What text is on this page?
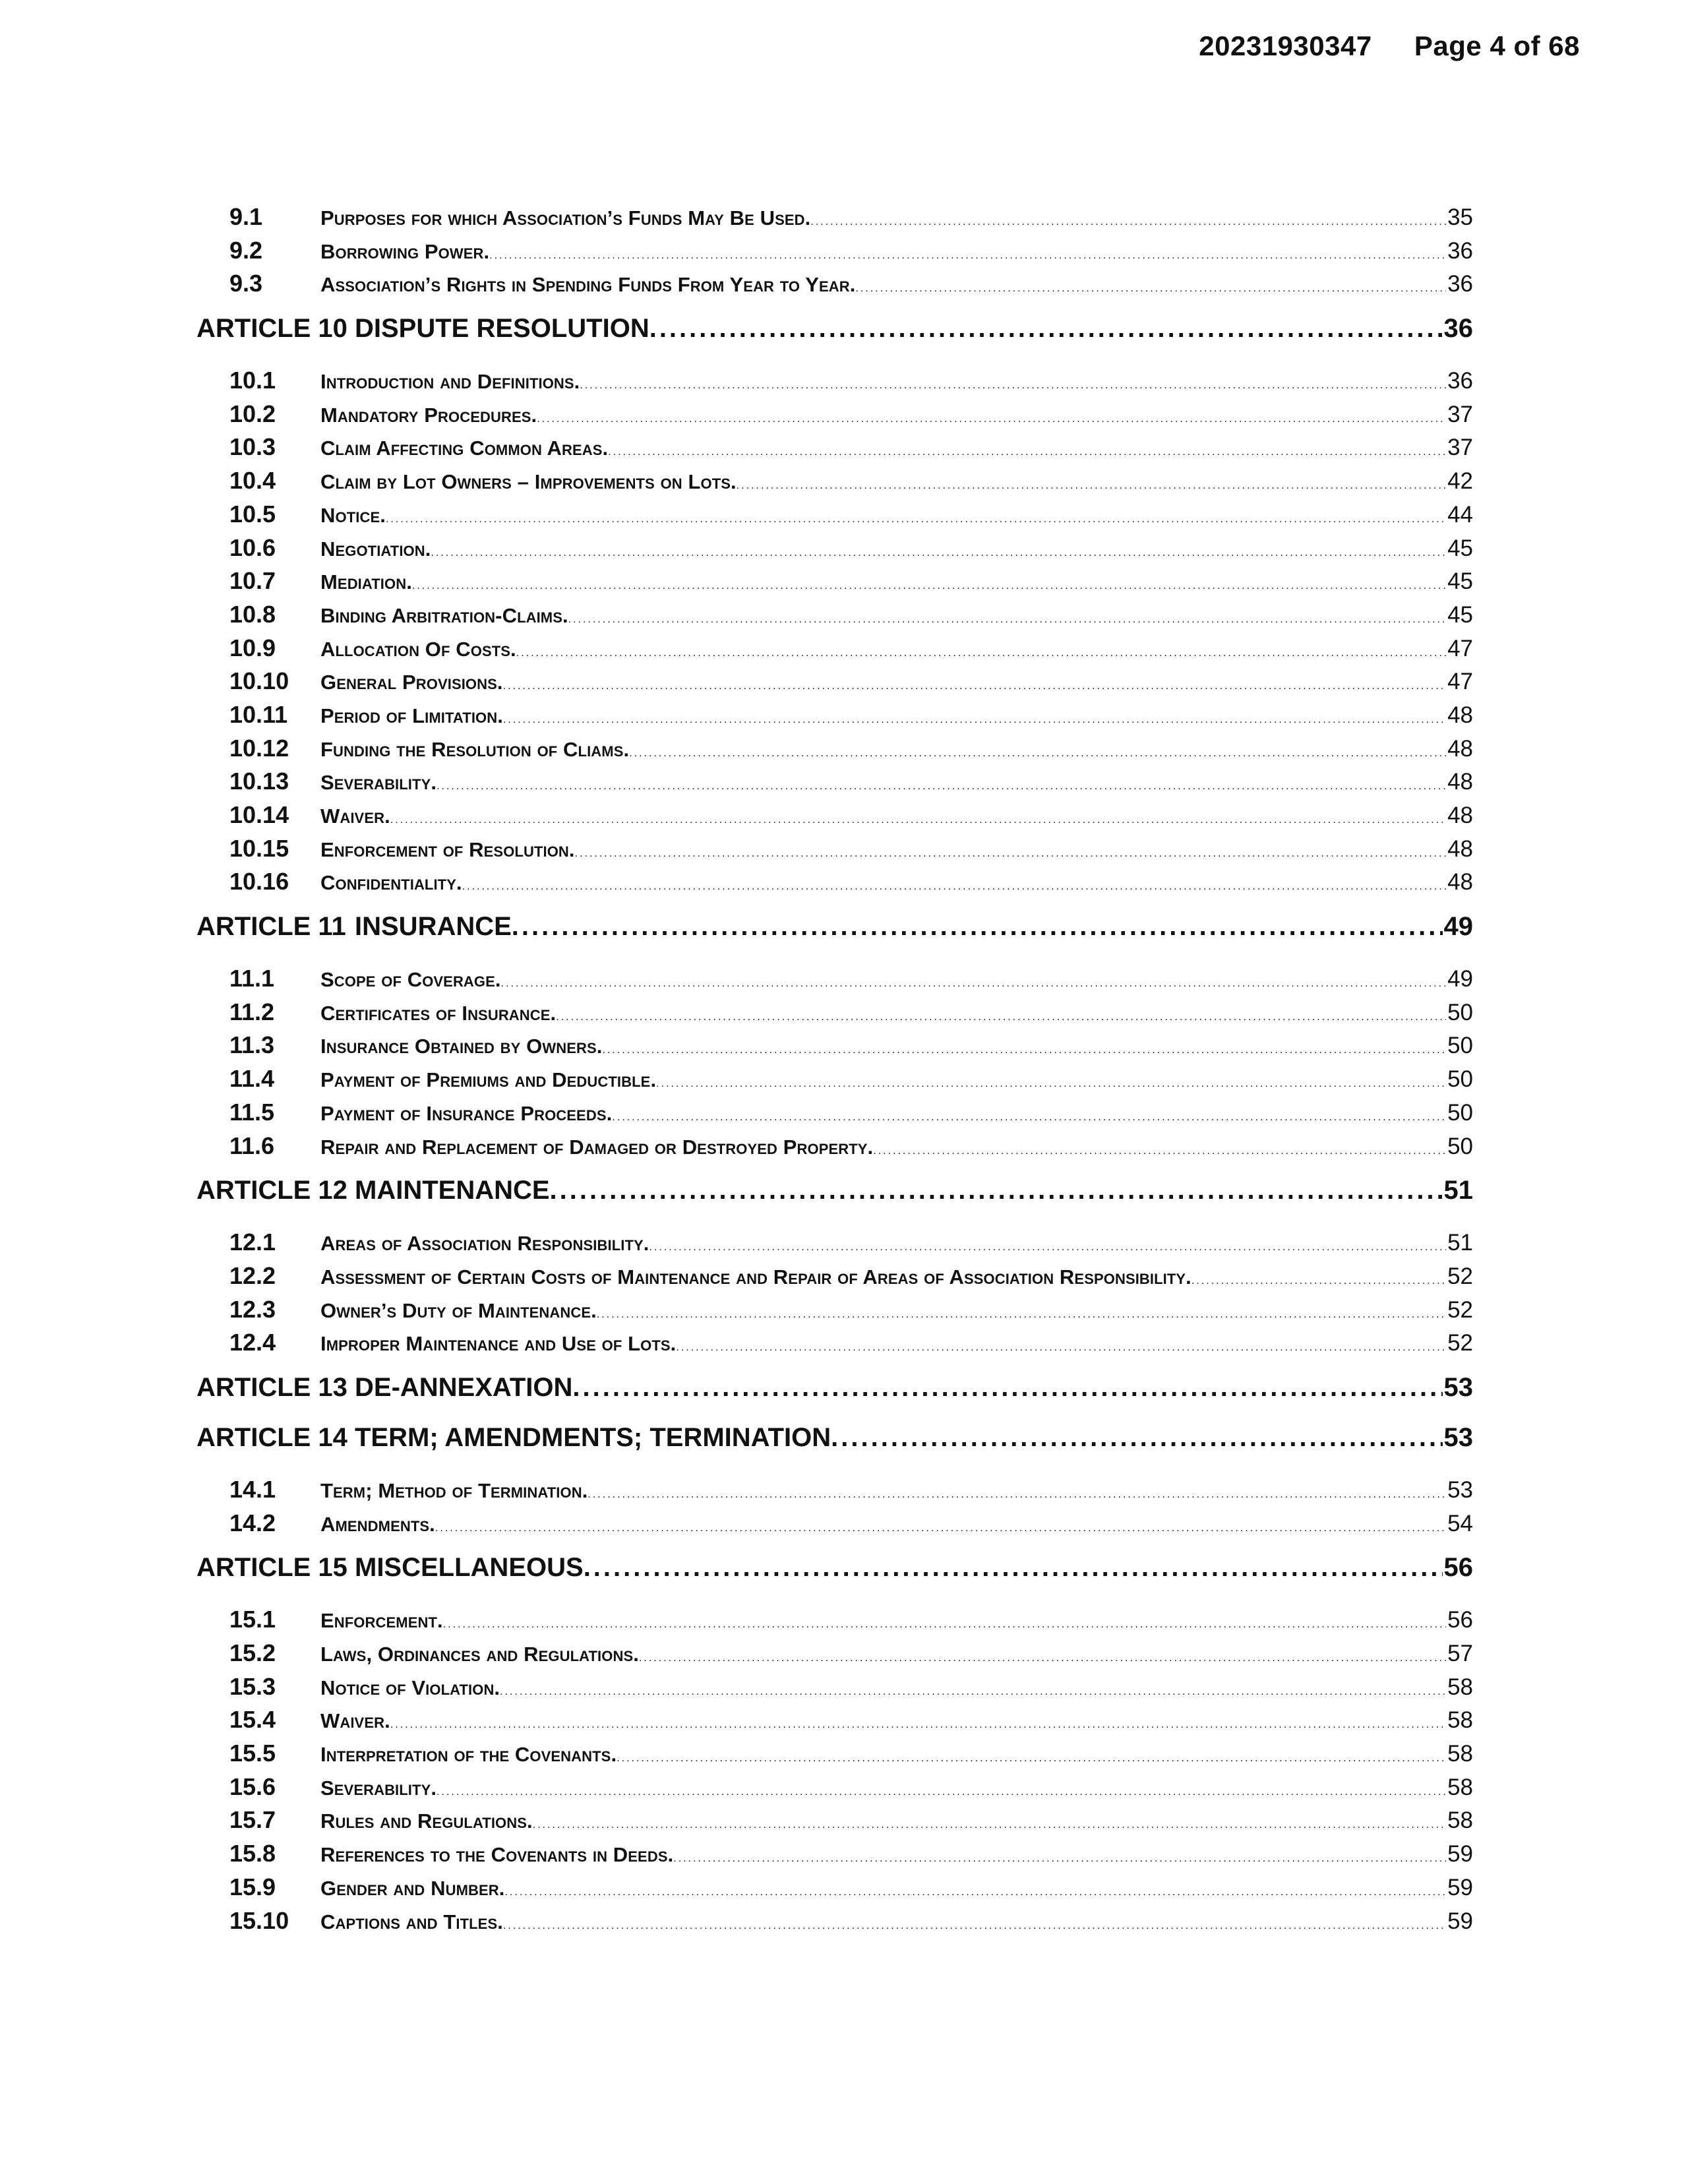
20231930347 Page 4 of 68
9.1	Purposes for which Association’s Funds May Be Used. .....	35
9.2	Borrowing Power. .....	36
9.3	Association’s Rights in Spending Funds From Year to Year. .....	36
ARTICLE 10 DISPUTE RESOLUTION .....	36
10.1	Introduction and Definitions. .....	36
10.2	Mandatory Procedures. .....	37
10.3	Claim Affecting Common Areas. .....	37
10.4	Claim by Lot Owners – Improvements on Lots. .....	42
10.5	Notice. .....	44
10.6	Negotiation. .....	45
10.7	Mediation. .....	45
10.8	Binding Arbitration-Claims. .....	45
10.9	Allocation Of Costs. .....	47
10.10	General Provisions. .....	47
10.11	Period of Limitation. .....	48
10.12	Funding the Resolution of Cliams. .....	48
10.13	Severability. .....	48
10.14	Waiver. .....	48
10.15	Enforcement of Resolution. .....	48
10.16	Confidentiality. .....	48
ARTICLE 11 INSURANCE .....	49
11.1	Scope of Coverage. .....	49
11.2	Certificates of Insurance. .....	50
11.3	Insurance Obtained by Owners. .....	50
11.4	Payment of Premiums and Deductible. .....	50
11.5	Payment of Insurance Proceeds. .....	50
11.6	Repair and Replacement of Damaged or Destroyed Property. .....	50
ARTICLE 12 MAINTENANCE .....	51
12.1	Areas of Association Responsibility. .....	51
12.2	Assessment of Certain Costs of Maintenance and Repair of Areas of Association Responsibility. .....	52
12.3	Owner’s Duty of Maintenance. .....	52
12.4	Improper Maintenance and Use of Lots. .....	52
ARTICLE 13 DE-ANNEXATION .....	53
ARTICLE 14 TERM; AMENDMENTS; TERMINATION .....	53
14.1	Term; Method of Termination. .....	53
14.2	Amendments. .....	54
ARTICLE 15 MISCELLANEOUS .....	56
15.1	Enforcement. .....	56
15.2	Laws, Ordinances and Regulations. .....	57
15.3	Notice of Violation. .....	58
15.4	Waiver. .....	58
15.5	Interpretation of the Covenants. .....	58
15.6	Severability. .....	58
15.7	Rules and Regulations. .....	58
15.8	References to the Covenants in Deeds. .....	59
15.9	Gender and Number. .....	59
15.10	Captions and Titles. .....	59
